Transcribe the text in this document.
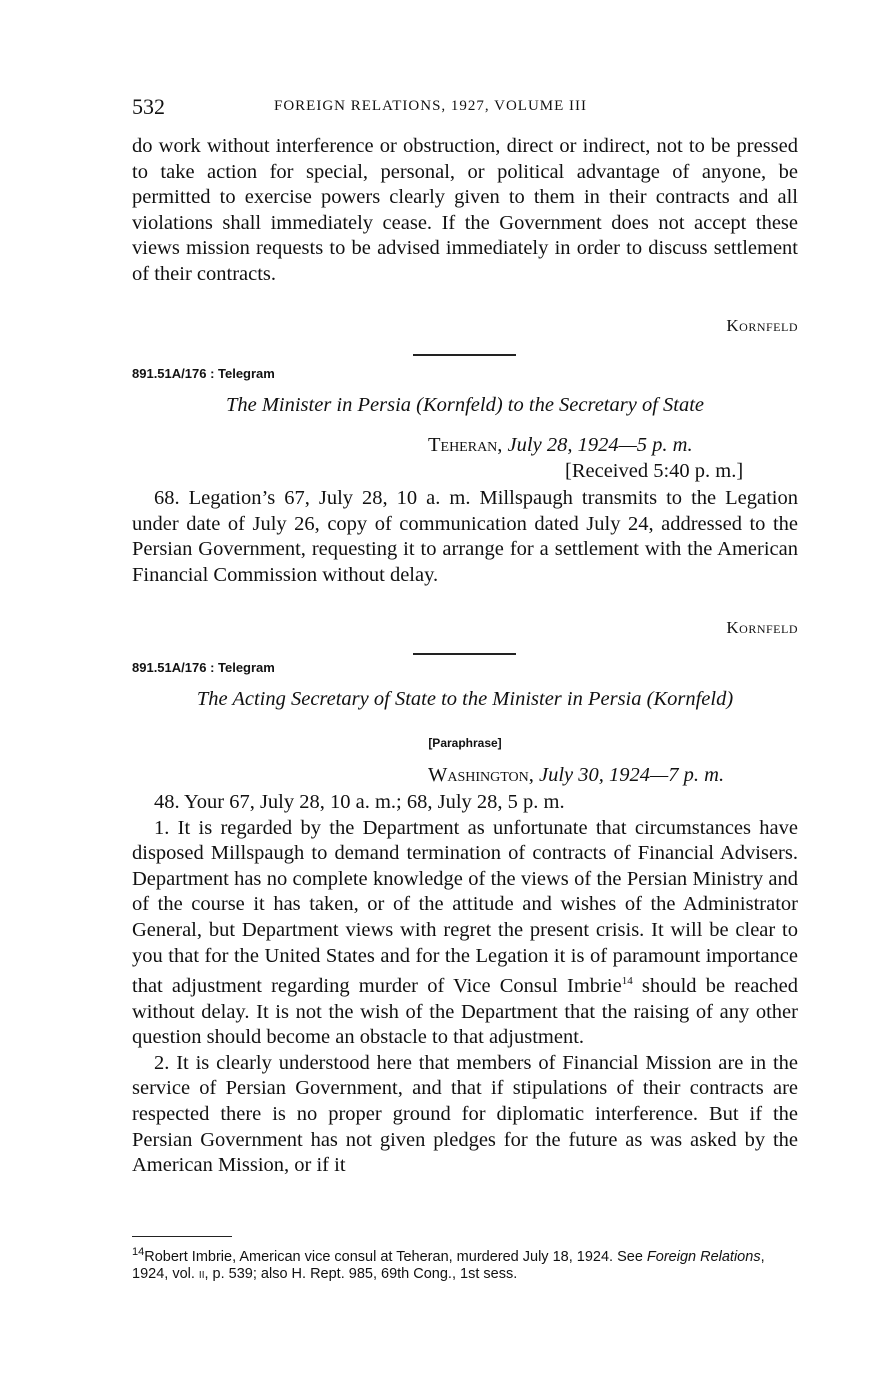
532	FOREIGN RELATIONS, 1927, VOLUME III

do work without interference or obstruction, direct or indirect, not to be pressed to take action for special, personal, or political advantage of anyone, be permitted to exercise powers clearly given to them in their contracts and all violations shall immediately cease. If the Government does not accept these views mission requests to be advised immediately in order to discuss settlement of their contracts.

Kornfeld
891.51A/176 : Telegram
The Minister in Persia (Kornfeld) to the Secretary of State
Teheran, July 28, 1924—5 p. m.
[Received 5:40 p. m.]

68. Legation’s 67, July 28, 10 a. m. Millspaugh transmits to the Legation under date of July 26, copy of communication dated July 24, addressed to the Persian Government, requesting it to arrange for a settlement with the American Financial Commission without delay.

Kornfeld
891.51A/176 : Telegram
The Acting Secretary of State to the Minister in Persia (Kornfeld)
[Paraphrase]
Washington, July 30, 1924—7 p. m.

48. Your 67, July 28, 10 a. m.; 68, July 28, 5 p. m.

1. It is regarded by the Department as unfortunate that circumstances have disposed Millspaugh to demand termination of contracts of Financial Advisers. Department has no complete knowledge of the views of the Persian Ministry and of the course it has taken, or of the attitude and wishes of the Administrator General, but Department views with regret the present crisis. It will be clear to you that for the United States and for the Legation it is of paramount importance that adjustment regarding murder of Vice Consul Imbrie$^{14}$ should be reached without delay. It is not the wish of the Department that the raising of any other question should become an obstacle to that adjustment.

2. It is clearly understood here that members of Financial Mission are in the service of Persian Government, and that if stipulations of their contracts are respected there is no proper ground for diplomatic interference. But if the Persian Government has not given pledges for the future as was asked by the American Mission, or if it

$^{14}$Robert Imbrie, American vice consul at Teheran, murdered July 18, 1924. See Foreign Relations, 1924, vol. ii, p. 539; also H. Rept. 985, 69th Cong., 1st sess.
